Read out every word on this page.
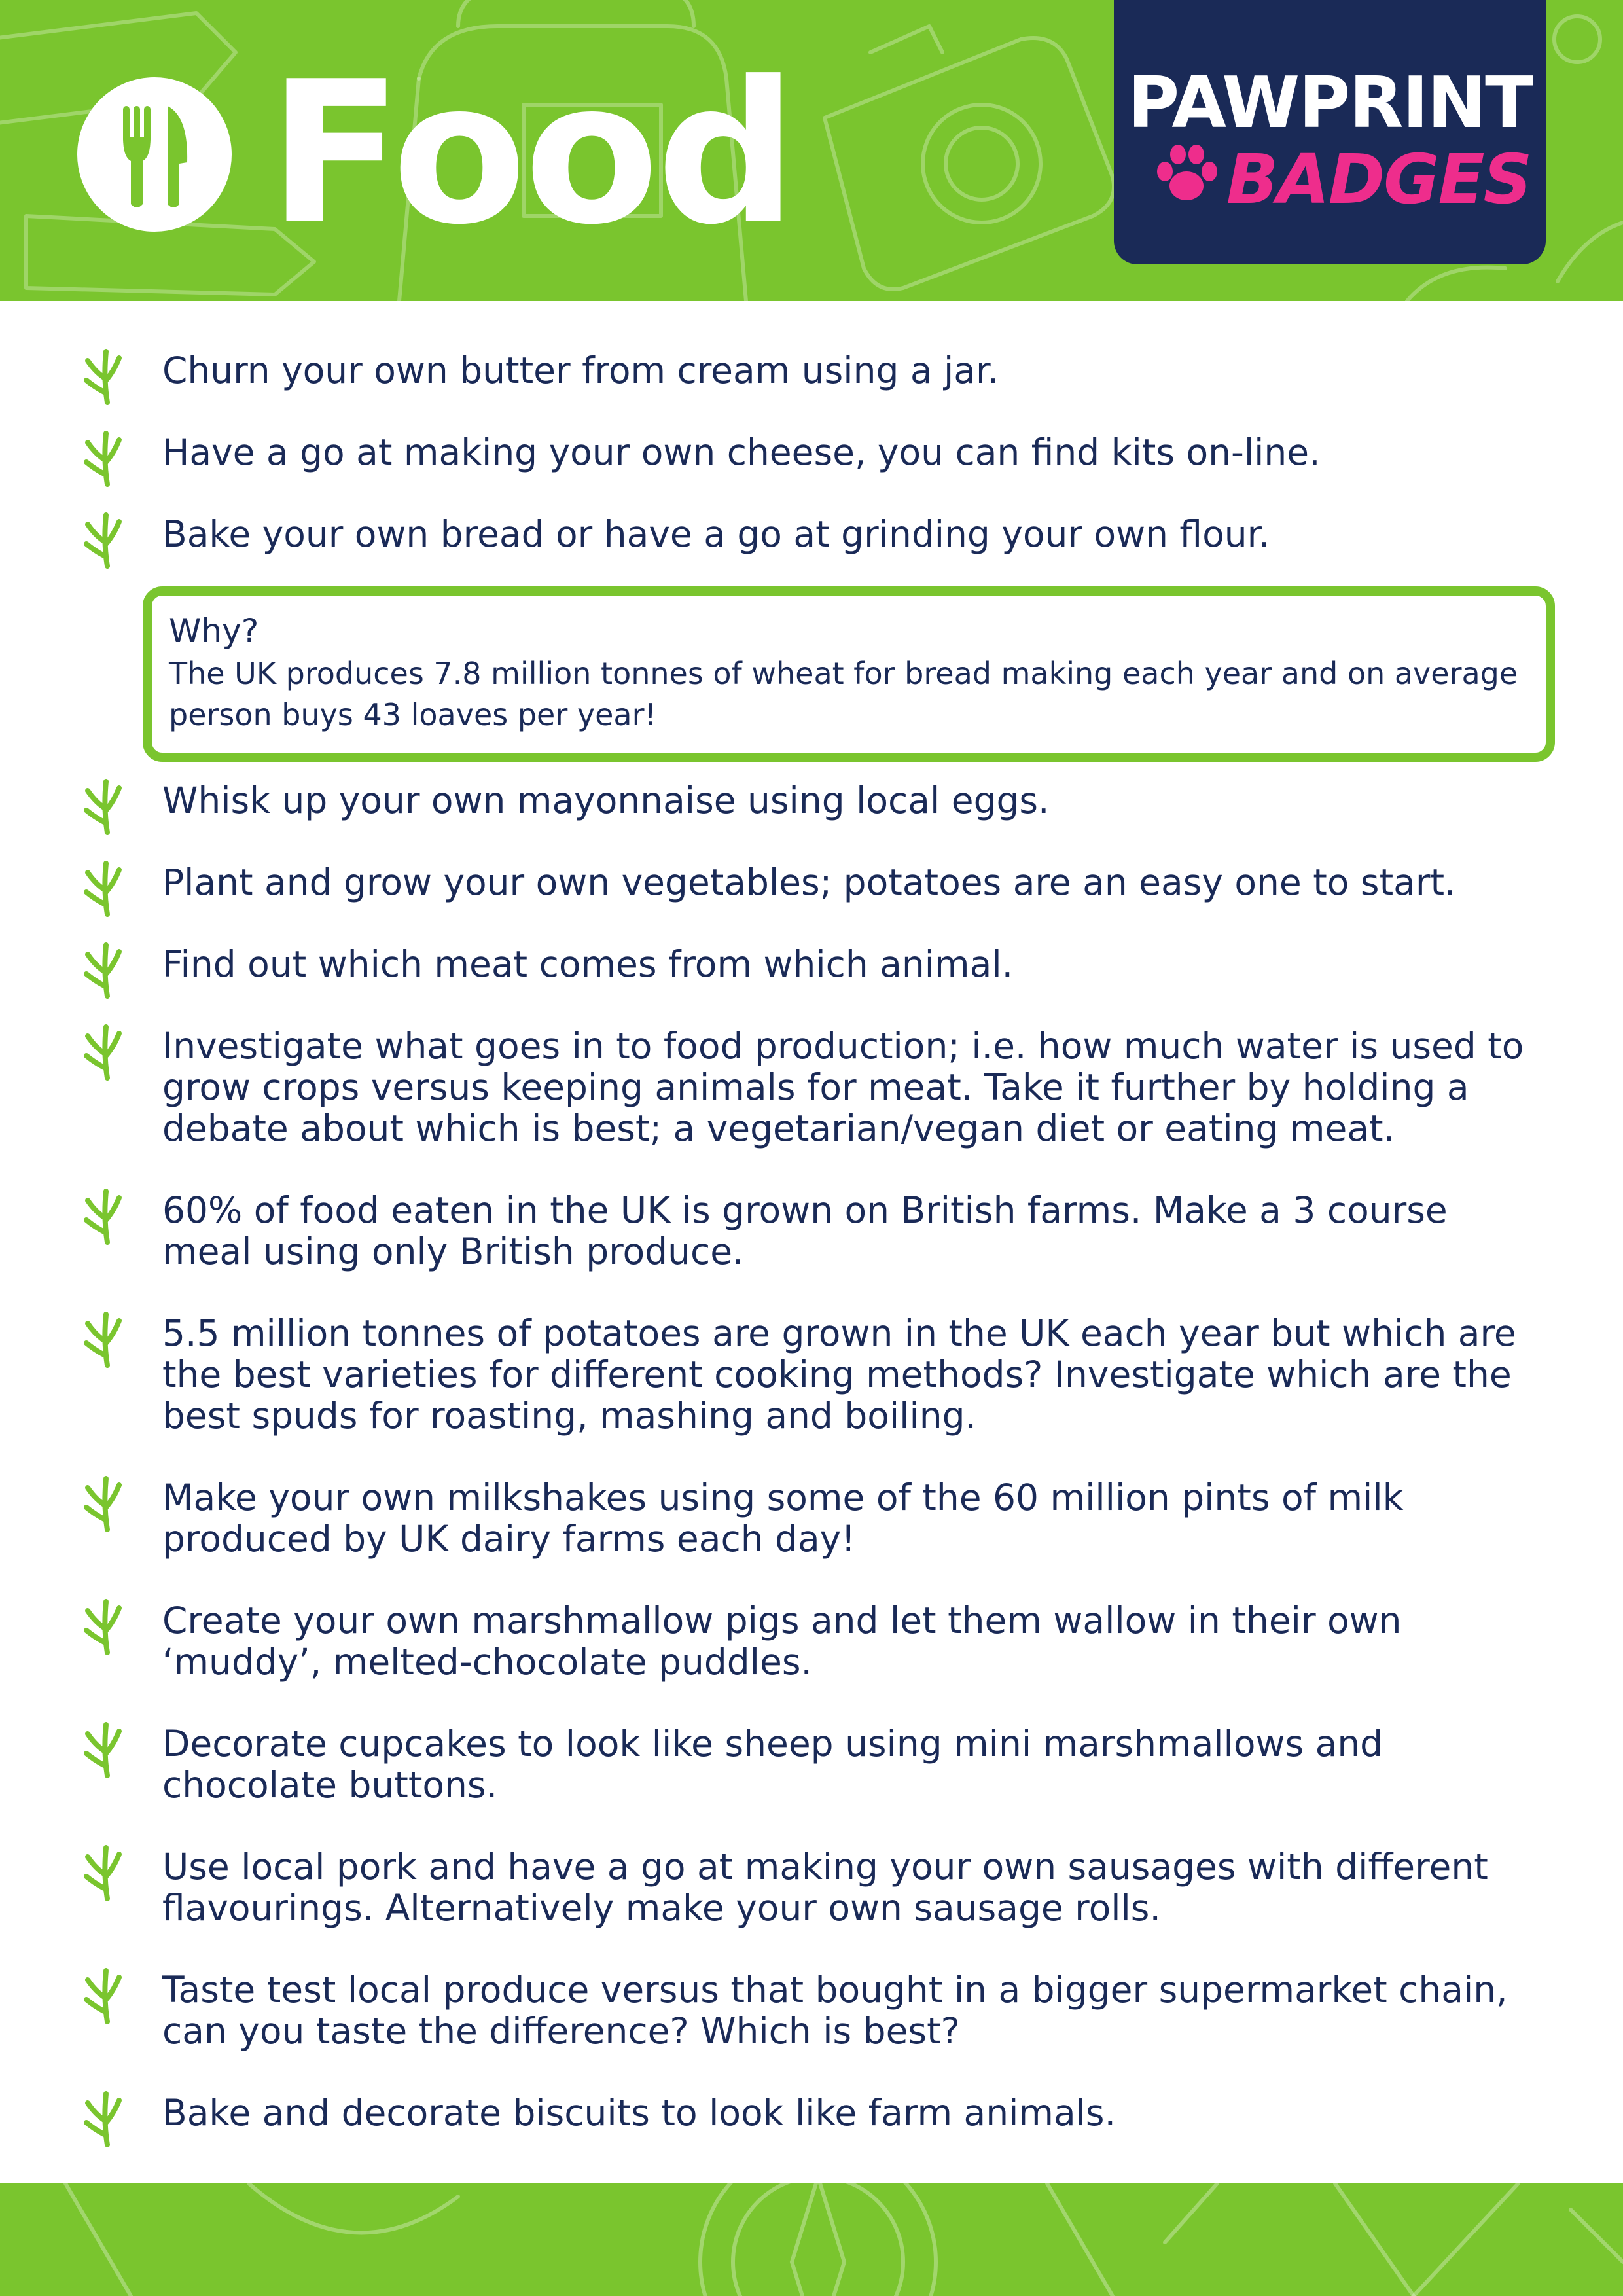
Food	PAWPRINT
BADGES
Why?
The UK produces 7.8 million tonnes of wheat for bread making each year and on average person buys 43 loaves per year!
Churn your own butter from cream using a jar.
Have a go at making your own cheese, you can find kits on-line.
Bake your own bread or have a go at grinding your own flour.
Whisk up your own mayonnaise using local eggs.
Plant and grow your own vegetables; potatoes are an easy one to start.
Find out which meat comes from which animal.
Investigate what goes in to food production; i.e. how much water is used to grow crops versus keeping animals for meat. Take it further by holding a debate about which is best; a vegetarian/vegan diet or eating meat.
60% of food eaten in the UK is grown on British farms. Make a 3 course meal using only British produce.
5.5 million tonnes of potatoes are grown in the UK each year but which are the best varieties for different cooking methods? Investigate which are the best spuds for roasting, mashing and boiling.
Make your own milkshakes using some of the 60 million pints of milk produced by UK dairy farms each day!
Create your own marshmallow pigs and let them wallow in their own ‘muddy’, melted-chocolate puddles.
Decorate cupcakes to look like sheep using mini marshmallows and chocolate buttons.
Use local pork and have a go at making your own sausages with different flavourings. Alternatively make your own sausage rolls.
Taste test local produce versus that bought in a bigger supermarket chain, can you taste the difference? Which is best?
Bake and decorate biscuits to look like farm animals.
